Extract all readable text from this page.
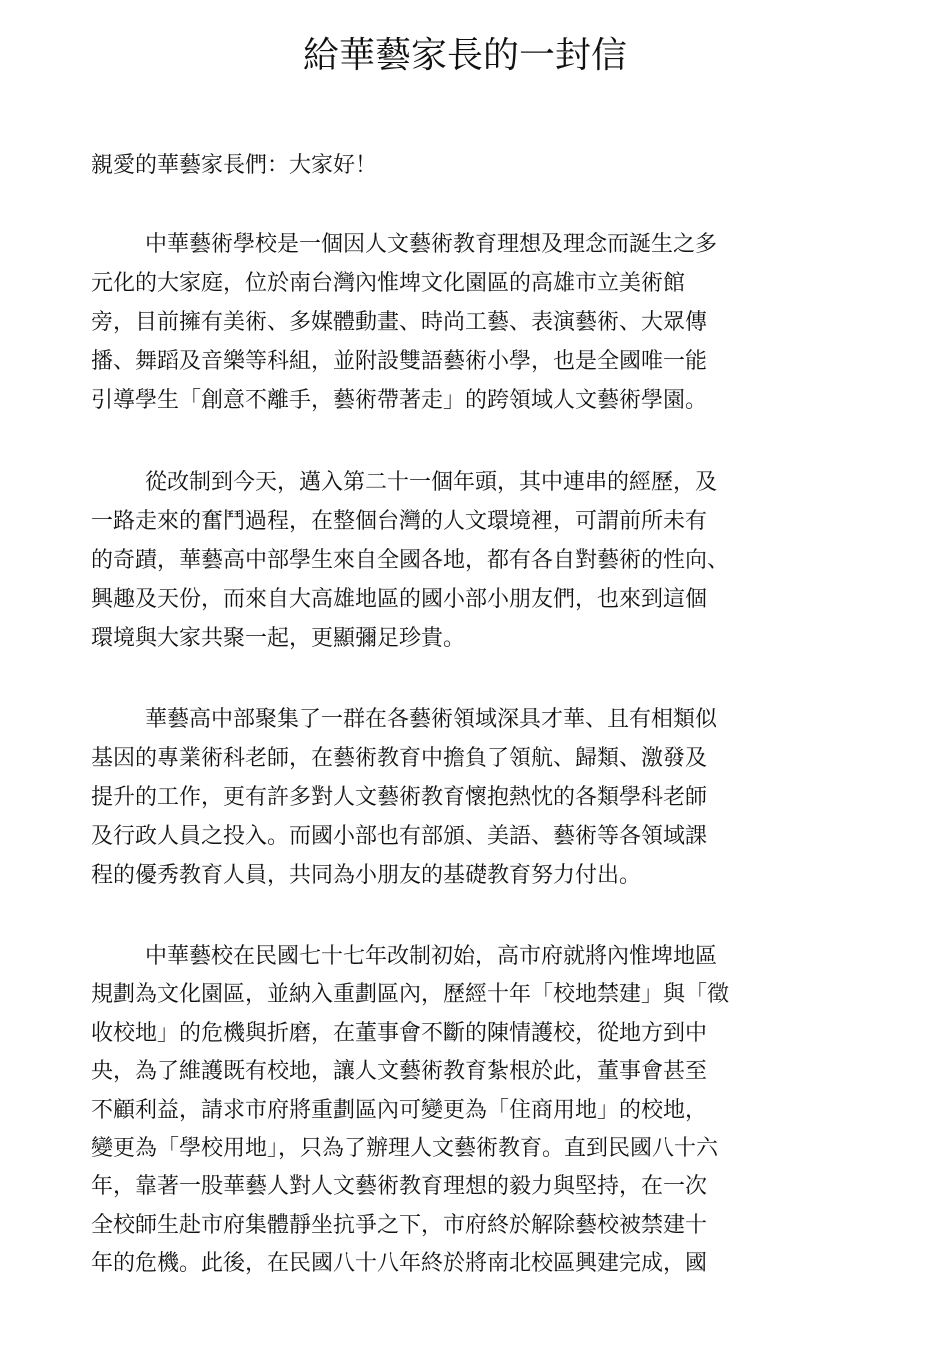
給華藝家長的一封信
親愛的華藝家長們：大家好！
中華藝術學校是一個因人文藝術教育理想及理念而誕生之多
元化的大家庭，位於南台灣內惟埤文化園區的高雄市立美術館
旁，目前擁有美術、多媒體動畫、時尚工藝、表演藝術、大眾傳
播、舞蹈及音樂等科組，並附設雙語藝術小學，也是全國唯一能
引導學生「創意不離手，藝術帶著走」的跨領域人文藝術學園。
從改制到今天，邁入第二十一個年頭，其中連串的經歷，及
一路走來的奮鬥過程，在整個台灣的人文環境裡，可謂前所未有
的奇蹟，華藝高中部學生來自全國各地，都有各自對藝術的性向、
興趣及天份，而來自大高雄地區的國小部小朋友們，也來到這個
環境與大家共聚一起，更顯彌足珍貴。
華藝高中部聚集了一群在各藝術領域深具才華、且有相類似
基因的專業術科老師，在藝術教育中擔負了領航、歸類、激發及
提升的工作，更有許多對人文藝術教育懷抱熱忱的各類學科老師
及行政人員之投入。而國小部也有部頒、美語、藝術等各領域課
程的優秀教育人員，共同為小朋友的基礎教育努力付出。
中華藝校在民國七十七年改制初始，高市府就將內惟埤地區
規劃為文化園區，並納入重劃區內，歷經十年「校地禁建」與「徵
收校地」的危機與折磨，在董事會不斷的陳情護校，從地方到中
央，為了維護既有校地，讓人文藝術教育紮根於此，董事會甚至
不顧利益，請求市府將重劃區內可變更為「住商用地」的校地，
變更為「學校用地」，只為了辦理人文藝術教育。直到民國八十六
年，靠著一股華藝人對人文藝術教育理想的毅力與堅持，在一次
全校師生赴市府集體靜坐抗爭之下，市府終於解除藝校被禁建十
年的危機。此後，在民國八十八年終於將南北校區興建完成，國
